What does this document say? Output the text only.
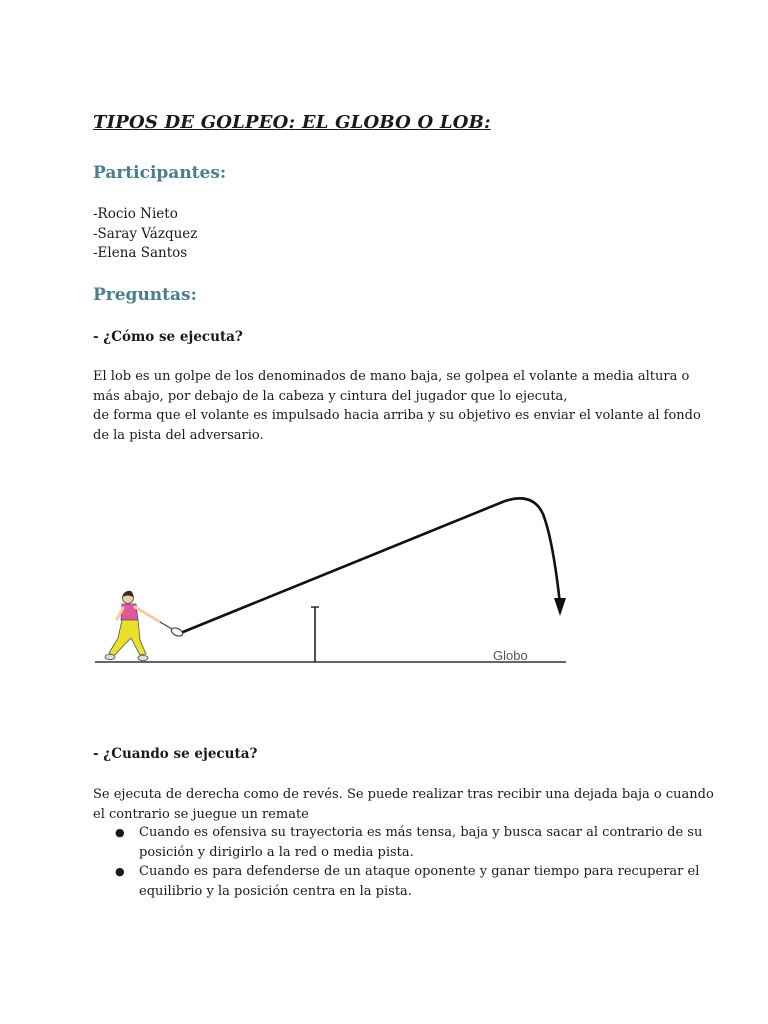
TIPOS DE GOLPEO: EL GLOBO O LOB:
Participantes:
-Rocio Nieto
-Saray Vázquez
-Elena Santos
Preguntas:

- ¿Cómo se ejecuta?

El lob es un golpe de los denominados de mano baja, se golpea el volante a media altura o
más abajo, por debajo de la cabeza y cintura del jugador que lo ejecuta,
de forma que el volante es impulsado hacia arriba y su objetivo es enviar el volante al fondo
de la pista del adversario.

Globo

- ¿Cuando se ejecuta?

Se ejecuta de derecha como de revés. Se puede realizar tras recibir una dejada baja o cuando
el contrario se juegue un remate

● Cuando es ofensiva su trayectoria es más tensa, baja y busca sacar al contrario de su
posición y dirigirlo a la red o media pista.
● Cuando es para defenderse de un ataque oponente y ganar tiempo para recuperar el
equilibrio y la posición centra en la pista.
